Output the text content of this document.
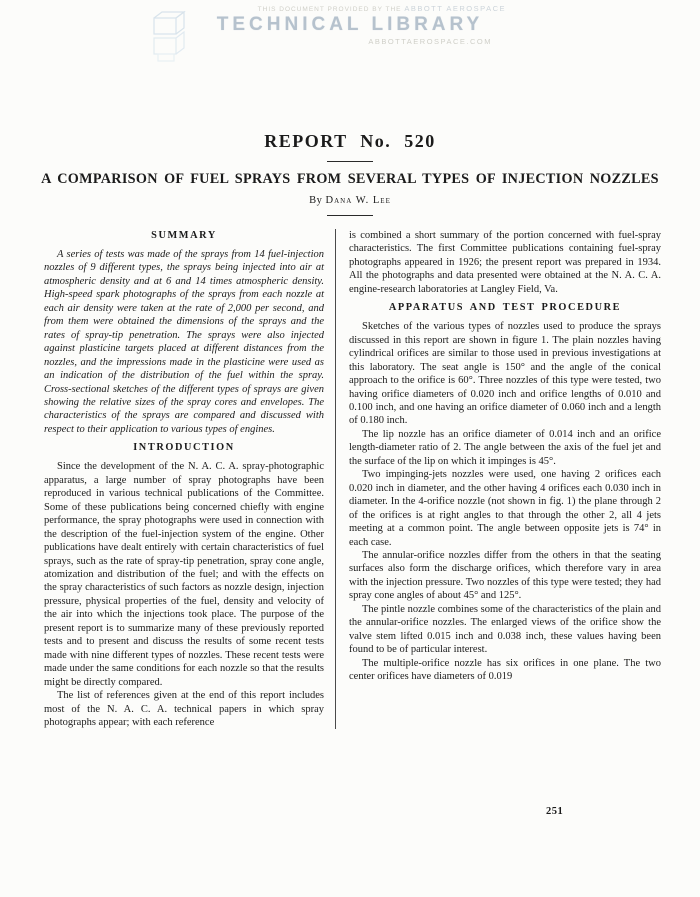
THIS DOCUMENT PROVIDED BY THE ABBOTT AEROSPACE
TECHNICAL LIBRARY
ABBOTTAEROSPACE.COM
REPORT No. 520
A COMPARISON OF FUEL SPRAYS FROM SEVERAL TYPES OF INJECTION NOZZLES
By Dana W. Lee
SUMMARY

A series of tests was made of the sprays from 14 fuel-injection nozzles of 9 different types, the sprays being injected into air at atmospheric density and at 6 and 14 times atmospheric density. High-speed spark photographs of the sprays from each nozzle at each air density were taken at the rate of 2,000 per second, and from them were obtained the dimensions of the sprays and the rates of spray-tip penetration. The sprays were also injected against plasticine targets placed at different distances from the nozzles, and the impressions made in the plasticine were used as an indication of the distribution of the fuel within the spray. Cross-sectional sketches of the different types of sprays are given showing the relative sizes of the spray cores and envelopes. The characteristics of the sprays are compared and discussed with respect to their application to various types of engines.

INTRODUCTION

Since the development of the N. A. C. A. spray-photographic apparatus, a large number of spray photographs have been reproduced in various technical publications of the Committee. Some of these publications being concerned chiefly with engine performance, the spray photographs were used in connection with the description of the fuel-injection system of the engine. Other publications have dealt entirely with certain characteristics of fuel sprays, such as the rate of spray-tip penetration, spray cone angle, atomization and distribution of the fuel; and with the effects on the spray characteristics of such factors as nozzle design, injection pressure, physical properties of the fuel, density and velocity of the air into which the injections took place. The purpose of the present report is to summarize many of these previously reported tests and to present and discuss the results of some recent tests made with nine different types of nozzles. These recent tests were made under the same conditions for each nozzle so that the results might be directly compared.

The list of references given at the end of this report includes most of the N. A. C. A. technical papers in which spray photographs appear; with each reference

is combined a short summary of the portion concerned with fuel-spray characteristics. The first Committee publications containing fuel-spray photographs appeared in 1926; the present report was prepared in 1934. All the photographs and data presented were obtained at the N. A. C. A. engine-research laboratories at Langley Field, Va.

APPARATUS AND TEST PROCEDURE

Sketches of the various types of nozzles used to produce the sprays discussed in this report are shown in figure 1. The plain nozzles having cylindrical orifices are similar to those used in previous investigations at this laboratory. The seat angle is 150° and the angle of the conical approach to the orifice is 60°. Three nozzles of this type were tested, two having orifice diameters of 0.020 inch and orifice lengths of 0.010 and 0.100 inch, and one having an orifice diameter of 0.060 inch and a length of 0.180 inch.

The lip nozzle has an orifice diameter of 0.014 inch and an orifice length-diameter ratio of 2. The angle between the axis of the fuel jet and the surface of the lip on which it impinges is 45°.

Two impinging-jets nozzles were used, one having 2 orifices each 0.020 inch in diameter, and the other having 4 orifices each 0.030 inch in diameter. In the 4-orifice nozzle (not shown in fig. 1) the plane through 2 of the orifices is at right angles to that through the other 2, all 4 jets meeting at a common point. The angle between opposite jets is 74° in each case.

The annular-orifice nozzles differ from the others in that the seating surfaces also form the discharge orifices, which therefore vary in area with the injection pressure. Two nozzles of this type were tested; they had spray cone angles of about 45° and 125°.

The pintle nozzle combines some of the characteristics of the plain and the annular-orifice nozzles. The enlarged views of the orifice show the valve stem lifted 0.015 inch and 0.038 inch, these values having been found to be of particular interest.

The multiple-orifice nozzle has six orifices in one plane. The two center orifices have diameters of 0.019

251
